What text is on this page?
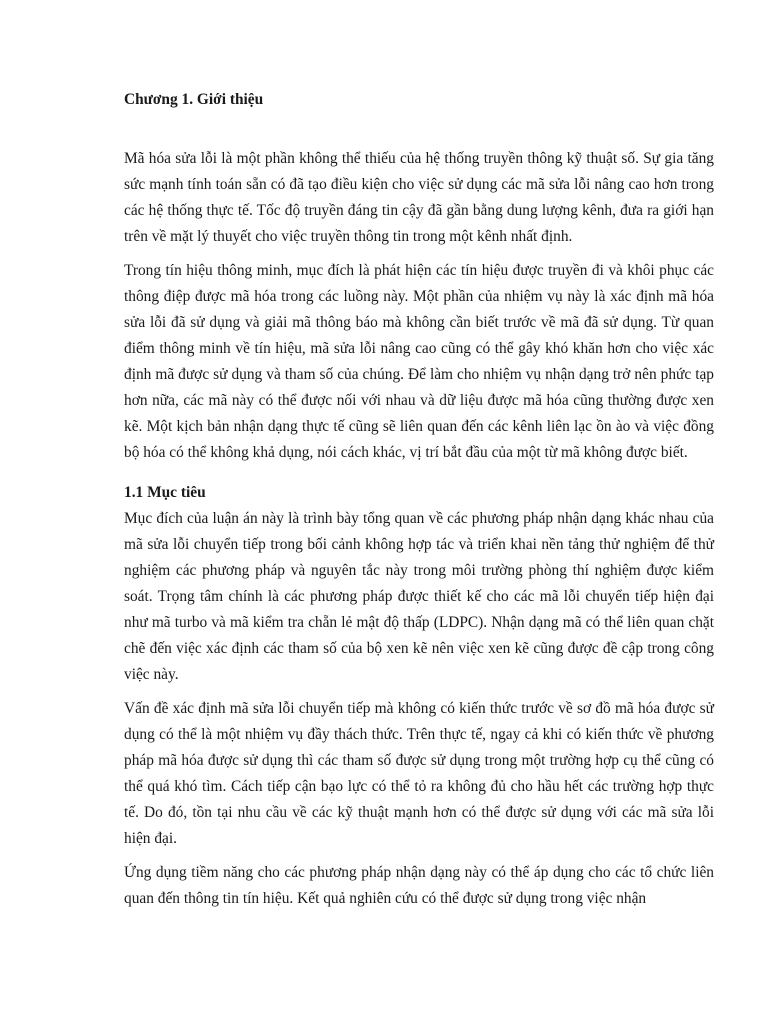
Chương 1. Giới thiệu

Mã hóa sửa lỗi là một phần không thể thiếu của hệ thống truyền thông kỹ thuật số. Sự gia tăng sức mạnh tính toán sẵn có đã tạo điều kiện cho việc sử dụng các mã sửa lỗi nâng cao hơn trong các hệ thống thực tế. Tốc độ truyền đáng tin cậy đã gần bằng dung lượng kênh, đưa ra giới hạn trên về mặt lý thuyết cho việc truyền thông tin trong một kênh nhất định.

Trong tín hiệu thông minh, mục đích là phát hiện các tín hiệu được truyền đi và khôi phục các thông điệp được mã hóa trong các luồng này. Một phần của nhiệm vụ này là xác định mã hóa sửa lỗi đã sử dụng và giải mã thông báo mà không cần biết trước về mã đã sử dụng. Từ quan điểm thông minh về tín hiệu, mã sửa lỗi nâng cao cũng có thể gây khó khăn hơn cho việc xác định mã được sử dụng và tham số của chúng. Để làm cho nhiệm vụ nhận dạng trở nên phức tạp hơn nữa, các mã này có thể được nối với nhau và dữ liệu được mã hóa cũng thường được xen kẽ. Một kịch bản nhận dạng thực tế cũng sẽ liên quan đến các kênh liên lạc ồn ào và việc đồng bộ hóa có thể không khả dụng, nói cách khác, vị trí bắt đầu của một từ mã không được biết.

1.1 Mục tiêu

Mục đích của luận án này là trình bày tổng quan về các phương pháp nhận dạng khác nhau của mã sửa lỗi chuyển tiếp trong bối cảnh không hợp tác và triển khai nền tảng thử nghiệm để thử nghiệm các phương pháp và nguyên tắc này trong môi trường phòng thí nghiệm được kiểm soát. Trọng tâm chính là các phương pháp được thiết kế cho các mã lỗi chuyển tiếp hiện đại như mã turbo và mã kiểm tra chẵn lẻ mật độ thấp (LDPC). Nhận dạng mã có thể liên quan chặt chẽ đến việc xác định các tham số của bộ xen kẽ nên việc xen kẽ cũng được đề cập trong công việc này.

Vấn đề xác định mã sửa lỗi chuyển tiếp mà không có kiến thức trước về sơ đồ mã hóa được sử dụng có thể là một nhiệm vụ đầy thách thức. Trên thực tế, ngay cả khi có kiến thức về phương pháp mã hóa được sử dụng thì các tham số được sử dụng trong một trường hợp cụ thể cũng có thể quá khó tìm. Cách tiếp cận bạo lực có thể tỏ ra không đủ cho hầu hết các trường hợp thực tế. Do đó, tồn tại nhu cầu về các kỹ thuật mạnh hơn có thể được sử dụng với các mã sửa lỗi hiện đại.

Ứng dụng tiềm năng cho các phương pháp nhận dạng này có thể áp dụng cho các tổ chức liên quan đến thông tin tín hiệu. Kết quả nghiên cứu có thể được sử dụng trong việc nhận
